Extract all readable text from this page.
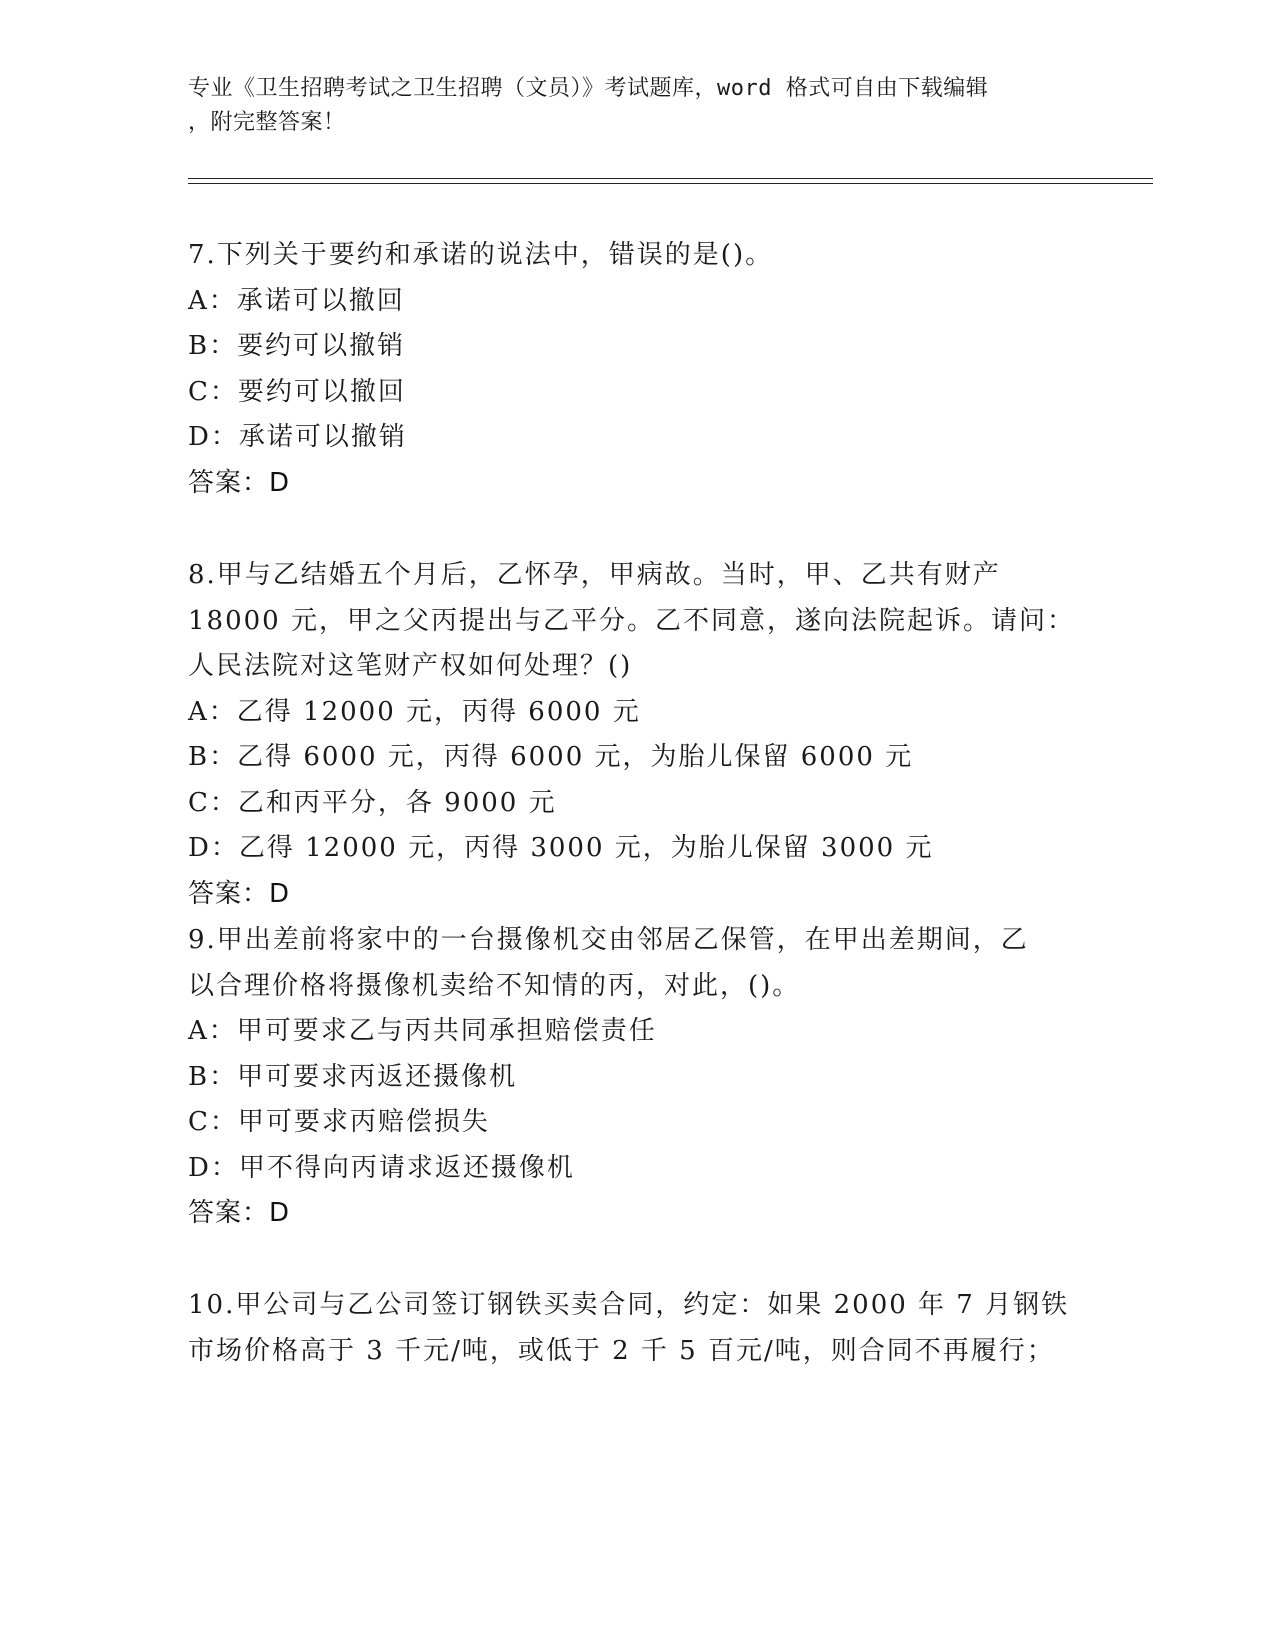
专业《卫生招聘考试之卫生招聘（文员）》考试题库，word 格式可自由下载编辑
，附完整答案！
7.下列关于要约和承诺的说法中，错误的是()。
A：承诺可以撤回
B：要约可以撤销
C：要约可以撤回
D：承诺可以撤销
答案：D
8.甲与乙结婚五个月后，乙怀孕，甲病故。当时，甲、乙共有财产
18000 元，甲之父丙提出与乙平分。乙不同意，遂向法院起诉。请问：
人民法院对这笔财产权如何处理？()
A：乙得 12000 元，丙得 6000 元
B：乙得 6000 元，丙得 6000 元，为胎儿保留 6000 元
C：乙和丙平分，各 9000 元
D：乙得 12000 元，丙得 3000 元，为胎儿保留 3000 元
答案：D
9.甲出差前将家中的一台摄像机交由邻居乙保管，在甲出差期间，乙
以合理价格将摄像机卖给不知情的丙，对此，()。
A：甲可要求乙与丙共同承担赔偿责任
B：甲可要求丙返还摄像机
C：甲可要求丙赔偿损失
D：甲不得向丙请求返还摄像机
答案：D
10.甲公司与乙公司签订钢铁买卖合同，约定：如果 2000 年 7 月钢铁
市场价格高于 3 千元/吨，或低于 2 千 5 百元/吨，则合同不再履行；
